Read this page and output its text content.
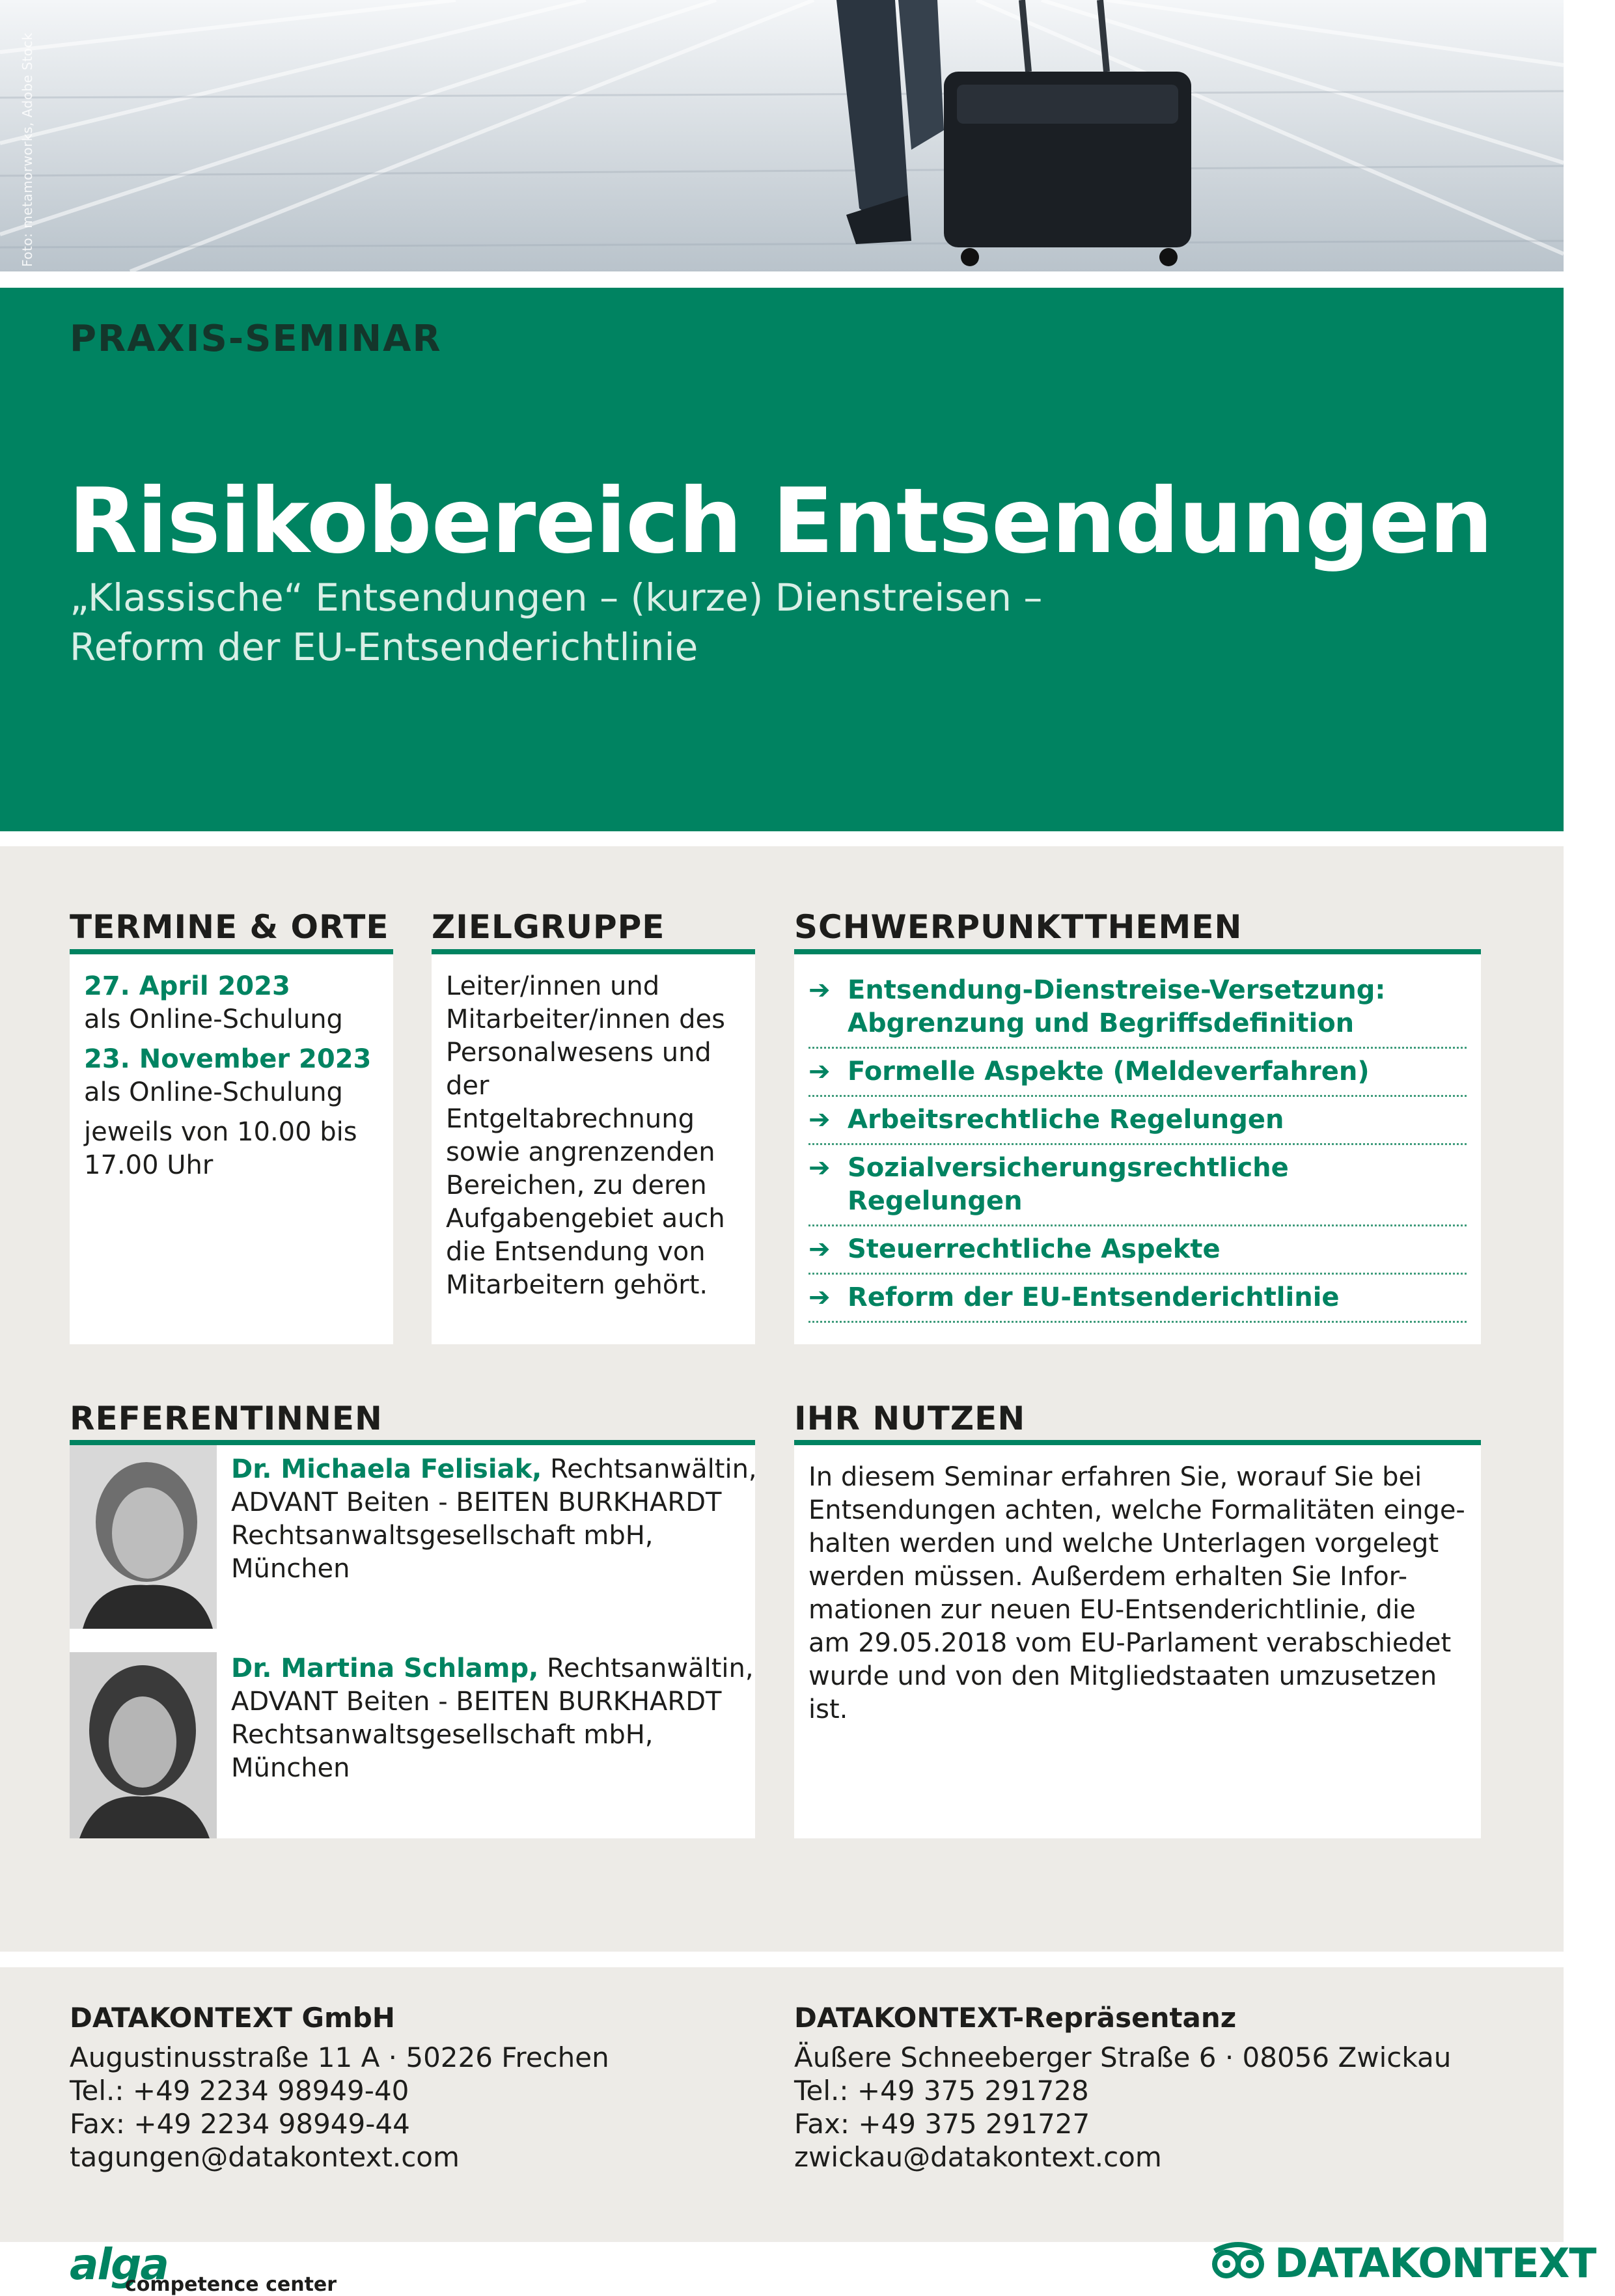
Foto: metamorworks, Adobe Stock
PRAXIS-SEMINAR
Risikobereich Entsendungen
„Klassische“ Entsendungen – (kurze) Dienstreisen –
Reform der EU-Entsenderichtlinie
TERMINE & ORTE
27. April 2023
als Online-Schulung
23. November 2023
als Online-Schulung
jeweils von 10.00 bis
17.00 Uhr
ZIELGRUPPE
Leiter/innen und
Mitarbeiter/innen des
Personalwesens und
der Entgeltabrechnung
sowie angrenzenden
Bereichen, zu deren
Aufgabengebiet auch
die Entsendung von
Mitarbeitern gehört.
SCHWERPUNKTTHEMEN
➔ Entsendung-Dienstreise-Versetzung:
Abgrenzung und Begriffsdefinition
➔ Formelle Aspekte (Meldeverfahren)
➔ Arbeitsrechtliche Regelungen
➔ Sozialversicherungsrechtliche Regelungen
➔ Steuerrechtliche Aspekte
➔ Reform der EU-Entsenderichtlinie
REFERENTINNEN
Dr. Michaela Felisiak, Rechtsanwältin,
ADVANT Beiten - BEITEN BURKHARDT
Rechtsanwaltsgesellschaft mbH,
München
Dr. Martina Schlamp, Rechtsanwältin,
ADVANT Beiten - BEITEN BURKHARDT
Rechtsanwaltsgesellschaft mbH,
München
IHR NUTZEN
In diesem Seminar erfahren Sie, worauf Sie bei
Entsendungen achten, welche Formalitäten einge-
halten werden und welche Unterlagen vorgelegt
werden müssen. Außerdem erhalten Sie Infor-
mationen zur neuen EU-Entsenderichtlinie, die
am 29.05.2018 vom EU-Parlament verabschiedet
wurde und von den Mitgliedstaaten umzusetzen ist.
DATAKONTEXT GmbH
Augustinusstraße 11 A · 50226 Frechen
Tel.: +49 2234 98949-40
Fax: +49 2234 98949-44
tagungen@datakontext.com
DATAKONTEXT-Repräsentanz
Äußere Schneeberger Straße 6 · 08056 Zwickau
Tel.: +49 375 291728
Fax: +49 375 291727
zwickau@datakontext.com
alga
competence center	DATAKONTEXT
